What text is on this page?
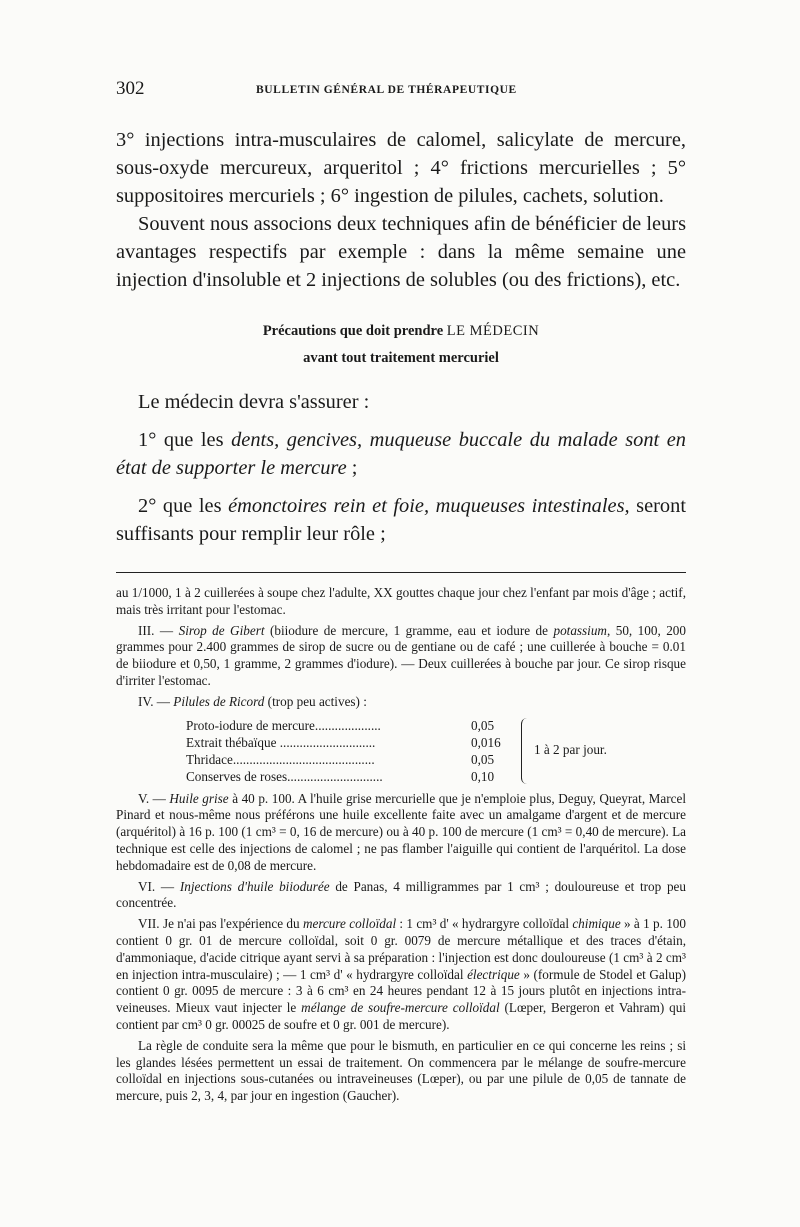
302	BULLETIN GÉNÉRAL DE THÉRAPEUTIQUE

3° injections intra-musculaires de calomel, salicylate de mercure, sous-oxyde mercureux, arqueritol ; 4° frictions mercurielles ; 5° suppositoires mercuriels ; 6° ingestion de pilules, cachets, solution.

Souvent nous associons deux techniques afin de bénéficier de leurs avantages respectifs par exemple : dans la même semaine une injection d'insoluble et 2 injections de solubles (ou des frictions), etc.

Précautions que doit prendre LE MÉDECIN
avant tout traitement mercuriel

Le médecin devra s'assurer :

1° que les dents, gencives, muqueuse buccale du malade sont en état de supporter le mercure ;

2° que les émonctoires rein et foie, muqueuses intestinales, seront suffisants pour remplir leur rôle ;

au 1/1000, 1 à 2 cuillerées à soupe chez l'adulte, XX gouttes chaque jour chez l'enfant par mois d'âge ; actif, mais très irritant pour l'estomac.

III. — Sirop de Gibert (biiodure de mercure, 1 gramme, eau et iodure de potassium, 50, 100, 200 grammes pour 2.400 grammes de sirop de sucre ou de gentiane ou de café ; une cuillerée à bouche = 0.01 de biiodure et 0,50, 1 gramme, 2 grammes d'iodure). — Deux cuillerées à bouche par jour. Ce sirop risque d'irriter l'estomac.

IV. — Pilules de Ricord (trop peu actives) :

Proto-iodure de mercure....................	0,05
Extrait thébaïque .............................	0,016
Thridace...........................................	0,05
Conserves de roses.............................	0,10
1 à 2 par jour.

V. — Huile grise à 40 p. 100. A l'huile grise mercurielle que je n'emploie plus, Deguy, Queyrat, Marcel Pinard et nous-même nous préférons une huile excellente faite avec un amalgame d'argent et de mercure (arquéritol) à 16 p. 100 (1 cm³ = 0, 16 de mercure) ou à 40 p. 100 de mercure (1 cm³ = 0,40 de mercure). La technique est celle des injections de calomel ; ne pas flamber l'aiguille qui contient de l'arquéritol. La dose hebdomadaire est de 0,08 de mercure.

VI. — Injections d'huile biiodurée de Panas, 4 milligrammes par 1 cm³ ; douloureuse et trop peu concentrée.

VII. Je n'ai pas l'expérience du mercure colloïdal : 1 cm³ d' « hydrargyre colloïdal chimique » à 1 p. 100 contient 0 gr. 01 de mercure colloïdal, soit 0 gr. 0079 de mercure métallique et des traces d'étain, d'ammoniaque, d'acide citrique ayant servi à sa préparation : l'injection est donc douloureuse (1 cm³ à 2 cm³ en injection intra-musculaire) ; — 1 cm³ d' « hydrargyre colloïdal électrique » (formule de Stodel et Galup) contient 0 gr. 0095 de mercure : 3 à 6 cm³ en 24 heures pendant 12 à 15 jours plutôt en injections intra-veineuses. Mieux vaut injecter le mélange de soufre-mercure colloïdal (Lœper, Bergeron et Vahram) qui contient par cm³ 0 gr. 00025 de soufre et 0 gr. 001 de mercure).

La règle de conduite sera la même que pour le bismuth, en particulier en ce qui concerne les reins ; si les glandes lésées permettent un essai de traitement. On commencera par le mélange de soufre-mercure colloïdal en injections sous-cutanées ou intraveineuses (Lœper), ou par une pilule de 0,05 de tannate de mercure, puis 2, 3, 4, par jour en ingestion (Gaucher).
